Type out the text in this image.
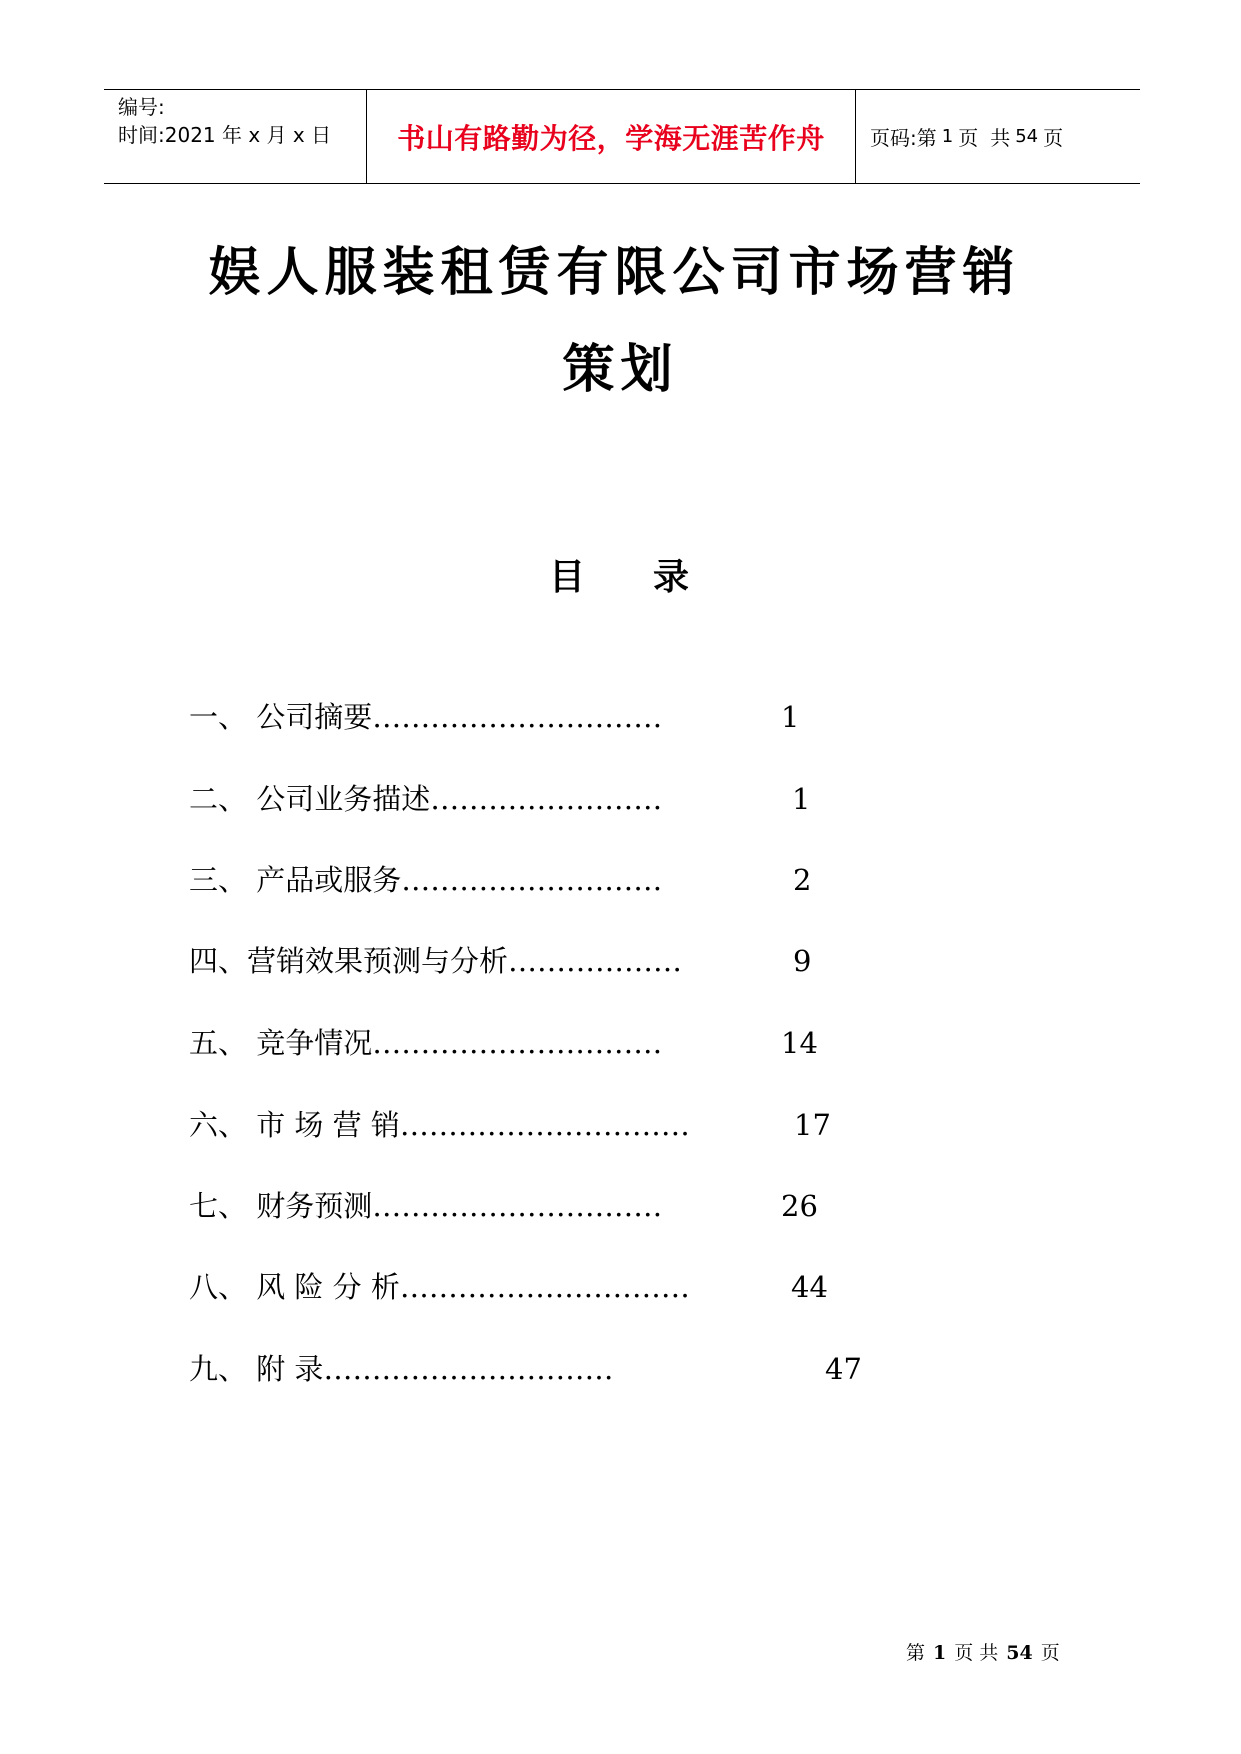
编号:
时间:2021 年 x 月 x 日	书山有路勤为径，学海无涯苦作舟 页码:第 1 页 共 54 页
娱人服装租赁有限公司市场营销
策划
目 录
一、 公司摘要…………………………	1
二、 公司业务描述……………………	1
三、 产品或服务………………………	2
四、营销效果预测与分析………………	9
五、 竞争情况…………………………	14
六、 市 场 营 销…………………………	17
七、 财务预测…………………………	26
八、 风 险 分 析…………………………	44
九、 附 录…………………………	47
第 1 页 共 54 页
